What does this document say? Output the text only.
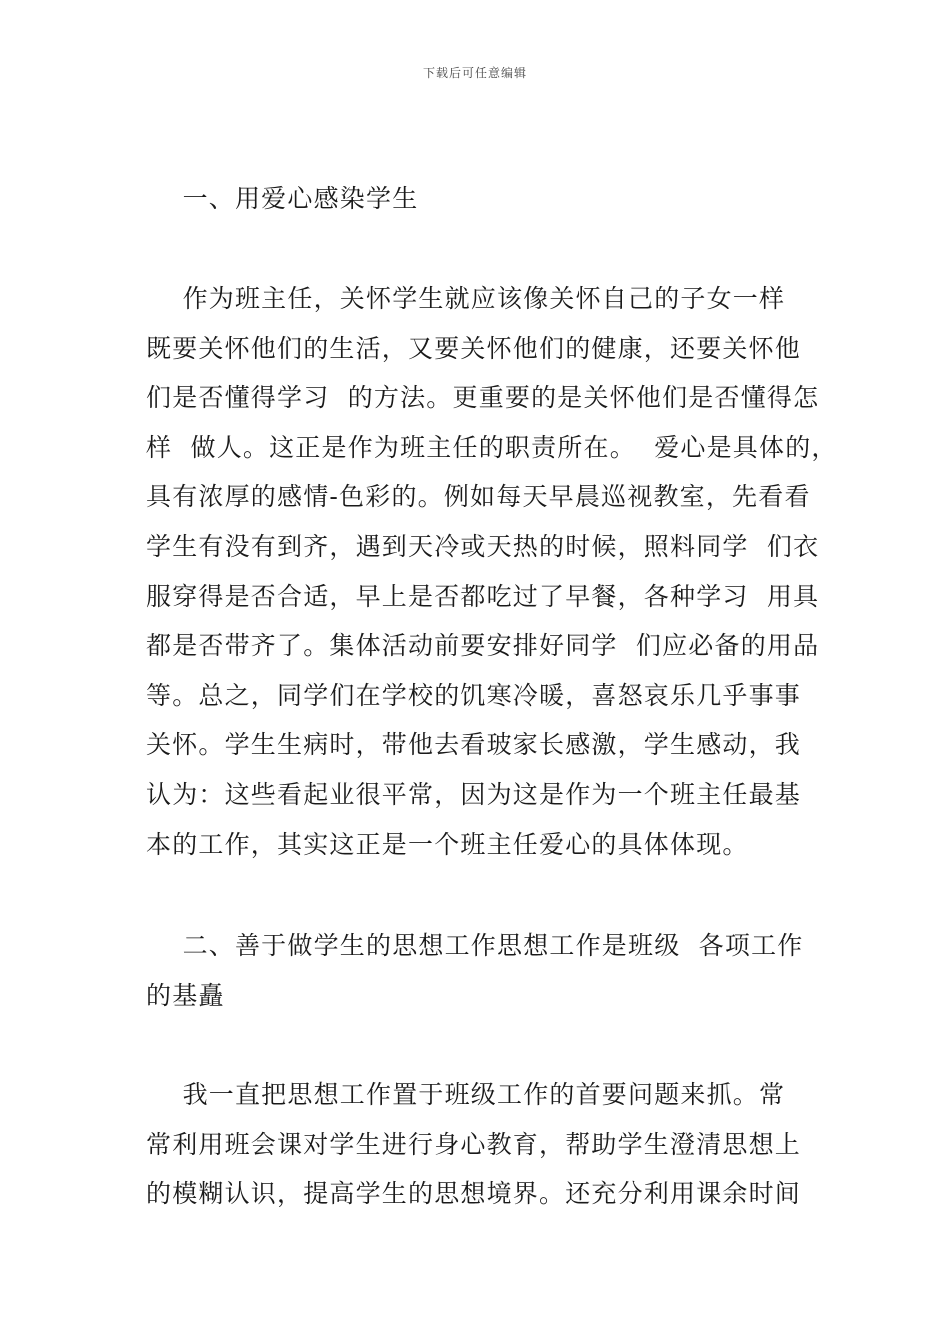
下载后可任意编辑
一、用爱心感染学生
作为班主任，关怀学生就应该像关怀自己的子女一样
既要关怀他们的生活，又要关怀他们的健康，还要关怀他
们是否懂得学习  的方法。更重要的是关怀他们是否懂得怎
样  做人。这正是作为班主任的职责所在。  爱心是具体的，
具有浓厚的感情-色彩的。例如每天早晨巡视教室，先看看
学生有没有到齐，遇到天冷或天热的时候，照料同学  们衣
服穿得是否合适，早上是否都吃过了早餐，各种学习  用具
都是否带齐了。集体活动前要安排好同学  们应必备的用品
等。总之，同学们在学校的饥寒冷暖，喜怒哀乐几乎事事
关怀。学生生病时，带他去看玻家长感激，学生感动，我
认为：这些看起业很平常，因为这是作为一个班主任最基
本的工作，其实这正是一个班主任爱心的具体体现。
二、善于做学生的思想工作思想工作是班级  各项工作
的基矗
我一直把思想工作置于班级工作的首要问题来抓。常
常利用班会课对学生进行身心教育，帮助学生澄清思想上
的模糊认识，提高学生的思想境界。还充分利用课余时间
